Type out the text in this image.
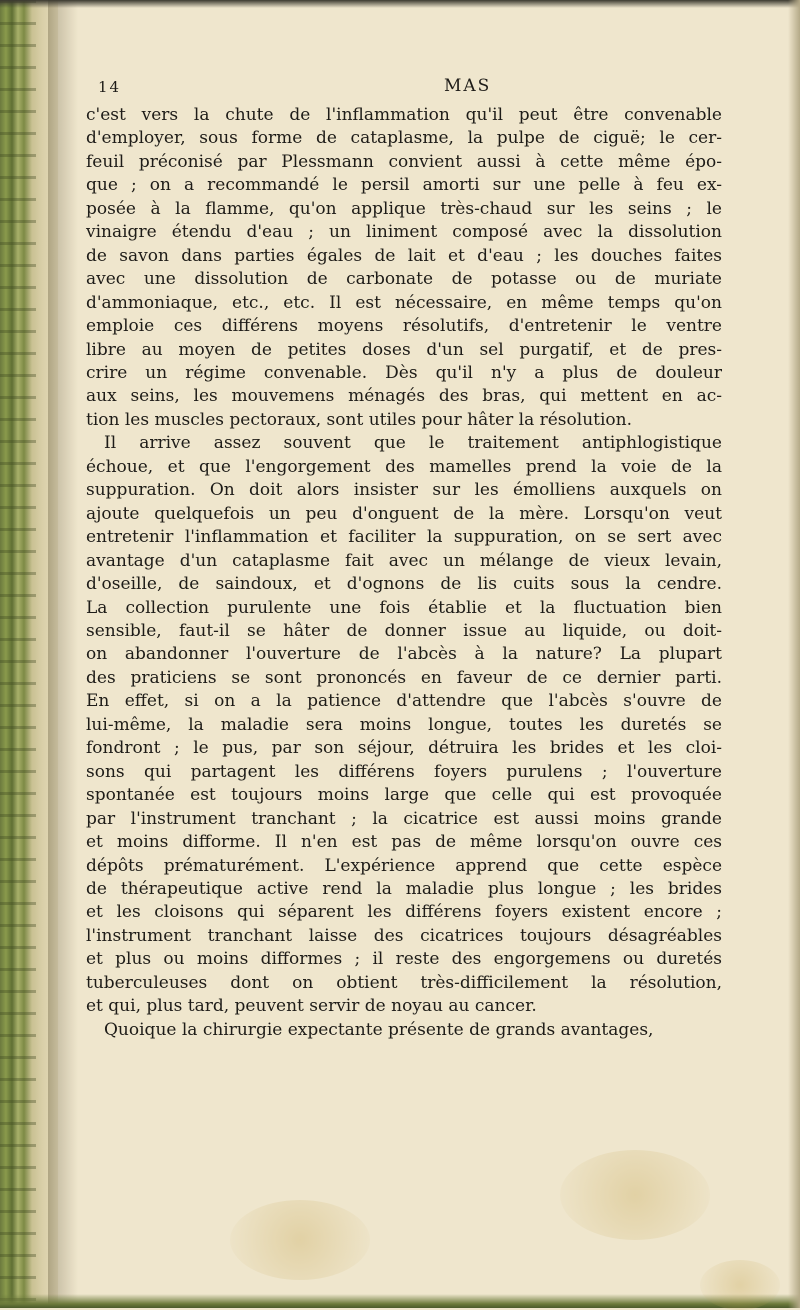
14	MAS
c'est vers la chute de l'inflammation qu'il peut être convenable
d'employer, sous forme de cataplasme, la pulpe de ciguë; le cer-
feuil préconisé par Plessmann convient aussi à cette même épo-
que ; on a recommandé le persil amorti sur une pelle à feu ex-
posée à la flamme, qu'on applique très-chaud sur les seins ; le
vinaigre étendu d'eau ; un liniment composé avec la dissolution
de savon dans parties égales de lait et d'eau ; les douches faites
avec une dissolution de carbonate de potasse ou de muriate
d'ammoniaque, etc., etc. Il est nécessaire, en même temps qu'on
emploie ces différens moyens résolutifs, d'entretenir le ventre
libre au moyen de petites doses d'un sel purgatif, et de pres-
crire un régime convenable. Dès qu'il n'y a plus de douleur
aux seins, les mouvemens ménagés des bras, qui mettent en ac-
tion les muscles pectoraux, sont utiles pour hâter la résolution.
Il arrive assez souvent que le traitement antiphlogistique
échoue, et que l'engorgement des mamelles prend la voie de la
suppuration. On doit alors insister sur les émolliens auxquels on
ajoute quelquefois un peu d'onguent de la mère. Lorsqu'on veut
entretenir l'inflammation et faciliter la suppuration, on se sert avec
avantage d'un cataplasme fait avec un mélange de vieux levain,
d'oseille, de saindoux, et d'ognons de lis cuits sous la cendre.
La collection purulente une fois établie et la fluctuation bien
sensible, faut-il se hâter de donner issue au liquide, ou doit-
on abandonner l'ouverture de l'abcès à la nature? La plupart
des praticiens se sont prononcés en faveur de ce dernier parti.
En effet, si on a la patience d'attendre que l'abcès s'ouvre de
lui-même, la maladie sera moins longue, toutes les duretés se
fondront ; le pus, par son séjour, détruira les brides et les cloi-
sons qui partagent les différens foyers purulens ; l'ouverture
spontanée est toujours moins large que celle qui est provoquée
par l'instrument tranchant ; la cicatrice est aussi moins grande
et moins difforme. Il n'en est pas de même lorsqu'on ouvre ces
dépôts prématurément. L'expérience apprend que cette espèce
de thérapeutique active rend la maladie plus longue ; les brides
et les cloisons qui séparent les différens foyers existent encore ;
l'instrument tranchant laisse des cicatrices toujours désagréables
et plus ou moins difformes ; il reste des engorgemens ou duretés
tuberculeuses dont on obtient très-difficilement la résolution,
et qui, plus tard, peuvent servir de noyau au cancer.
Quoique la chirurgie expectante présente de grands avantages,
